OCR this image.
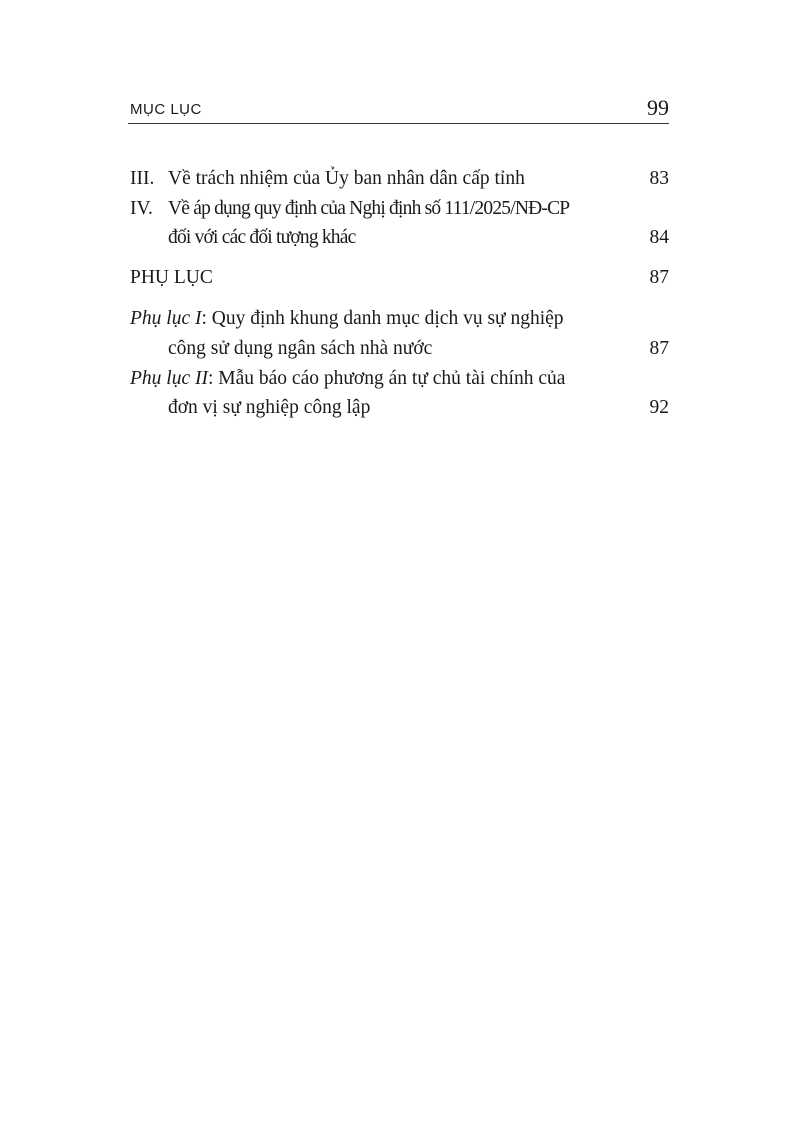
MỤC LỤC	99
III. Về trách nhiệm của Ủy ban nhân dân cấp tỉnh	83
IV. Về áp dụng quy định của Nghị định số 111/2025/NĐ-CP
đối với các đối tượng khác	84
PHỤ LỤC	87
Phụ lục I: Quy định khung danh mục dịch vụ sự nghiệp
công sử dụng ngân sách nhà nước	87
Phụ lục II: Mẫu báo cáo phương án tự chủ tài chính của
đơn vị sự nghiệp công lập	92
